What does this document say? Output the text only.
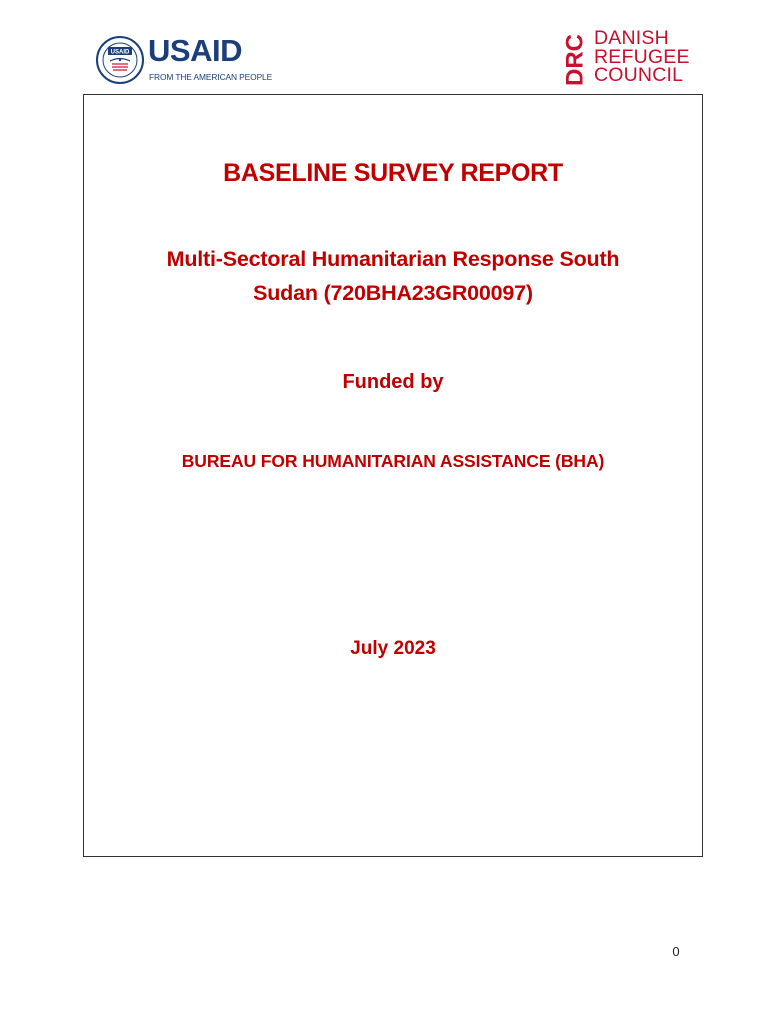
USAID USAID
FROM THE AMERICAN PEOPLE	DRC DANISH
REFUGEE
COUNCIL
BASELINE SURVEY REPORT
Multi-Sectoral Humanitarian Response South
Sudan (720BHA23GR00097)
Funded by
BUREAU FOR HUMANITARIAN ASSISTANCE (BHA)
July 2023
0
